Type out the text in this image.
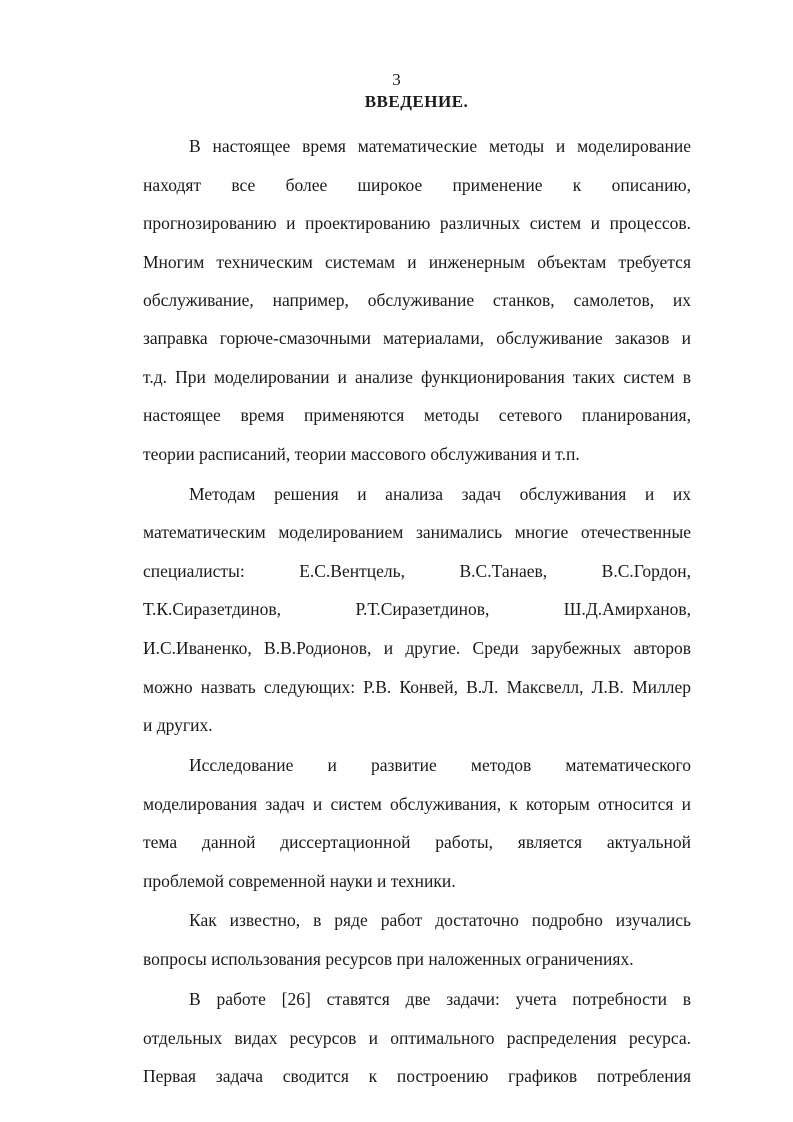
3
ВВЕДЕНИЕ.
В настоящее время математические методы и моделирование
находят все более широкое применение к описанию,
прогнозированию и проектированию различных систем и процессов.
Многим техническим системам и инженерным объектам требуется
обслуживание, например, обслуживание станков, самолетов, их
заправка горюче-смазочными материалами, обслуживание заказов и
т.д. При моделировании и анализе функционирования таких систем в
настоящее время применяются методы сетевого планирования,
теории расписаний, теории массового обслуживания и т.п.
Методам решения и анализа задач обслуживания и их
математическим моделированием занимались многие отечественные
специалисты: Е.С.Вентцель, В.С.Танаев, В.С.Гордон,
Т.К.Сиразетдинов, Р.Т.Сиразетдинов, Ш.Д.Амирханов,
И.С.Иваненко, В.В.Родионов, и другие. Среди зарубежных авторов
можно назвать следующих: Р.В. Конвей, В.Л. Максвелл, Л.В. Миллер
и других.
Исследование и развитие методов математического
моделирования задач и систем обслуживания, к которым относится и
тема данной диссертационной работы, является актуальной
проблемой современной науки и техники.
Как известно, в ряде работ достаточно подробно изучались
вопросы использования ресурсов при наложенных ограничениях.
В работе [26] ставятся две задачи: учета потребности в
отдельных видах ресурсов и оптимального распределения ресурса.
Первая задача сводится к построению графиков потребления
